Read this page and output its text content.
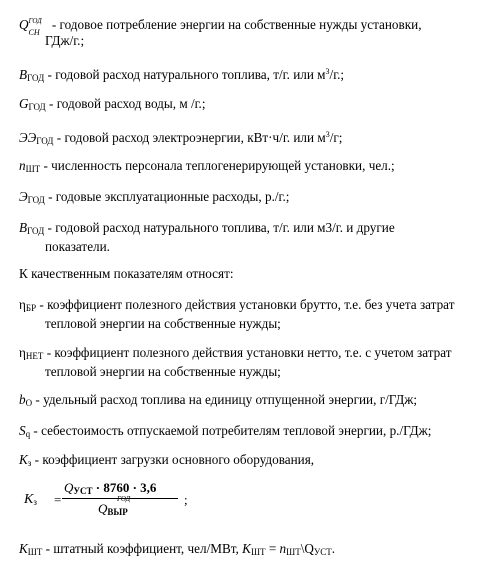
Q ГОД
СН
- годовое потребление энергии на собственные нужды установки,
ГДж/г.;
$B_{ГОД}$ - годовой расход натурального топлива, т/г. или $м^3/г$.;
$G_{ГОД}$ - годовой расход воды, м /г.;
$ЭЭ_{ГОД}$ - годовой расход электроэнергии, кВт·ч/г. или $м^3/г$;
$n_{ШТ}$ - численность персонала теплогенерирующей установки, чел.;
$Э_{ГОД}$ - годовые эксплуатационные расходы, р./г.;
$B_{ГОД}$ - годовой расход натурального топлива, т/г. или м3/г. и другие
показатели.
К качественным показателям относят:
$\eta_{БР}$ - коэффициент полезного действия установки брутто, т.е. без учета затрат
тепловой энергии на собственные нужды;
$\eta_{НЕТ}$ - коэффициент полезного действия установки нетто, т.е. с учетом затрат
тепловой энергии на собственные нужды;
$b_О$ - удельный расход топлива на единицу отпущенной энергии, г/ГДж;
$S_q$ - себестоимость отпускаемой потребителям тепловой энергии, р./ГДж;
$K_з$ - коэффициент загрузки основного оборудования,
$K_з$ =
$Q_{УСТ} \cdot 8760 \cdot 3,6$
Q
ГОД
$_{ВЫР}$
;
$K_{ШТ}$ - штатный коэффициент, чел/МВт, $K_{ШТ}$ = $n_{ШТ}\backslash Q_{УСТ}$.
